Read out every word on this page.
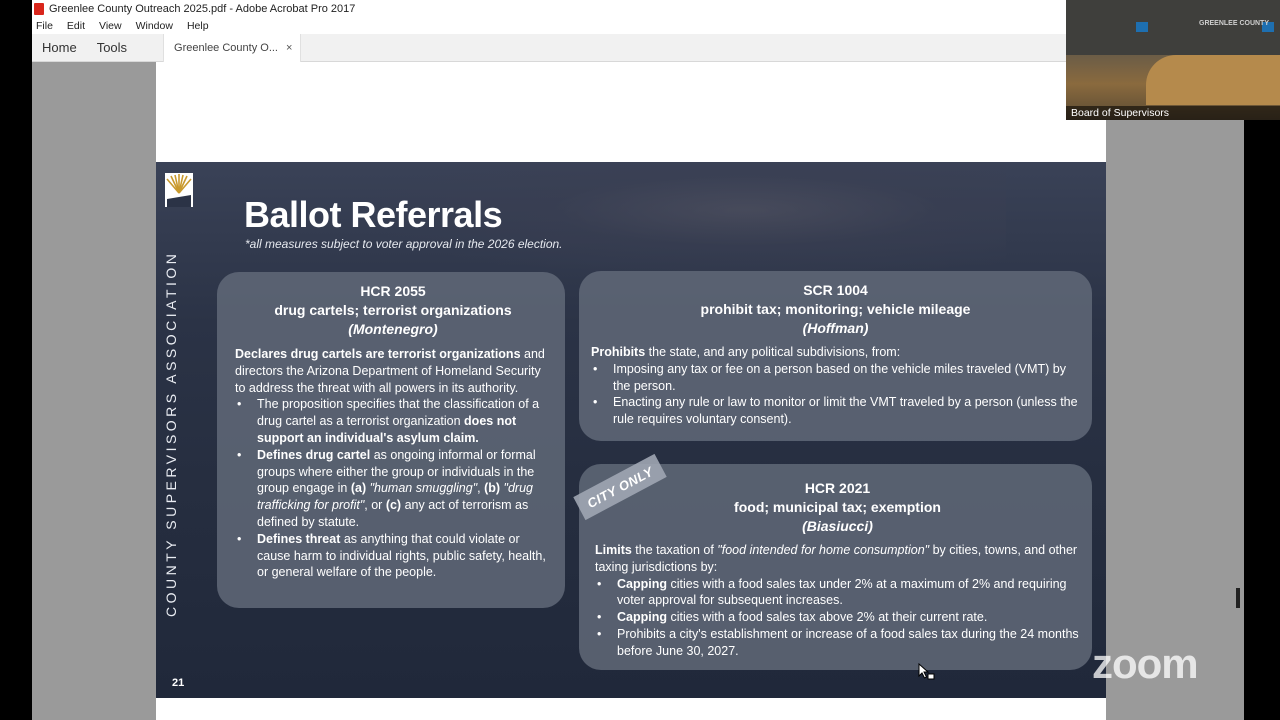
Greenlee County Outreach 2025.pdf - Adobe Acrobat Pro 2017
File Edit View Window Help
Home Tools	Greenlee County O... ×
COUNTY SUPERVISORS ASSOCIATION
Ballot Referrals
*all measures subject to voter approval in the 2026 election.
HCR 2055
drug cartels; terrorist organizations
(Montenegro)
Declares drug cartels are terrorist organizations and directors the Arizona Department of Homeland Security to address the threat with all powers in its authority.
• The proposition specifies that the classification of a drug cartel as a terrorist organization does not support an individual's asylum claim.
• Defines drug cartel as ongoing informal or formal groups where either the group or individuals in the group engage in (a) "human smuggling", (b) "drug trafficking for profit", or (c) any act of terrorism as defined by statute.
• Defines threat as anything that could violate or cause harm to individual rights, public safety, health, or general welfare of the people.
SCR 1004
prohibit tax; monitoring; vehicle mileage
(Hoffman)
Prohibits the state, and any political subdivisions, from:
• Imposing any tax or fee on a person based on the vehicle miles traveled (VMT) by the person.
• Enacting any rule or law to monitor or limit the VMT traveled by a person (unless the rule requires voluntary consent).
HCR 2021
food; municipal tax; exemption
(Biasiucci)
Limits the taxation of "food intended for home consumption" by cities, towns, and other taxing jurisdictions by:
• Capping cities with a food sales tax under 2% at a maximum of 2% and requiring voter approval for subsequent increases.
• Capping cities with a food sales tax above 2% at their current rate.
• Prohibits a city's establishment or increase of a food sales tax during the 24 months before June 30, 2027.
CITY ONLY
21	zoom
GREENLEE COUNTY
Board of Supervisors
